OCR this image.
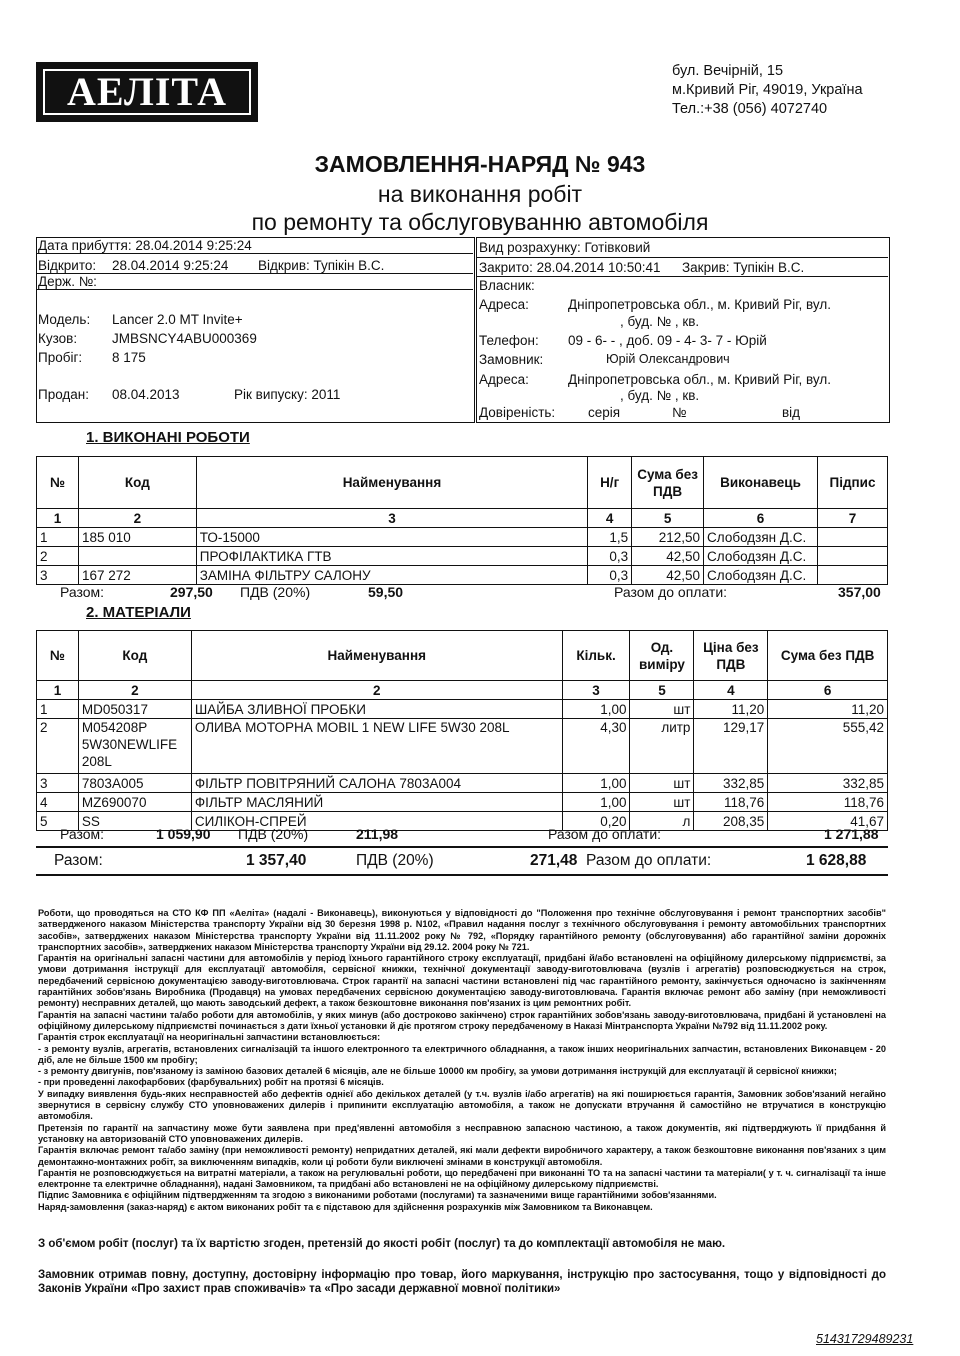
АЕЛІТА	бул. Вечірній, 15
м.Кривий Ріг, 49019, Україна
Тел.:+38 (056) 4072740
ЗАМОВЛЕННЯ-НАРЯД № 943
на виконання робіт
по ремонту та обслуговуванню автомобіля
Дата прибуття: 28.04.2014 9:25:24
Відкрито: 28.04.2014 9:25:24 Відкрив: Тупікін В.С.
Держ. №:
Модель: Lancer 2.0 MT Invite+
Кузов:	JMBSNCY4ABU000369
Пробіг: 8 175
Продан: 08.04.2013	Рік випуску: 2011
Вид розрахунку: Готівковий
Закрито: 28.04.2014 10:50:41 Закрив: Тупікін В.С.
Власник:
Адреса:	Дніпропетровська обл., м. Кривий Ріг, вул.
, буд. № , кв.
Телефон: 09 - 6- - , доб. 09 - 4- 3- 7 - Юрій
Замовник:	Юрій Олександрович
Адреса:	Дніпропетровська обл., м. Кривий Ріг, вул.
, буд. № , кв.
Довіреність: серія	№	від
1. ВИКОНАНІ РОБОТИ
№	Код	Найменування	Н/г	Сума без ПДВ	Виконавець	Підпис
1	2	3	4	5	6	7
1	185 010	ТО-15000	1,5	212,50	Слободзян Д.С.	
2		ПРОФІЛАКТИКА ГТВ	0,3	42,50	Слободзян Д.С.	
3	167 272	ЗАМІНА ФІЛЬТРУ САЛОНУ	0,3	42,50	Слободзян Д.С.	
Разом:	297,50 ПДВ (20%)	59,50	Разом до оплати:	357,00
2. МАТЕРІАЛИ
№	Код	Найменування	Кільк.	Од. виміру	Ціна без ПДВ	Сума без ПДВ
1	2	2	3	5	4	6
1	MD050317	ШАЙБА ЗЛИВНОЇ ПРОБКИ	1,00	шт	11,20	11,20
2	M054208P 5W30NEWLIFE 208L	ОЛИВА МОТОРНА MOBIL 1 NEW LIFE 5W30 208L	4,30	литр	129,17	555,42
3	7803A005	ФІЛЬТР ПОВІТРЯНИЙ САЛОНА 7803A004	1,00	шт	332,85	332,85
4	MZ690070	ФІЛЬТР МАСЛЯНИЙ	1,00	шт	118,76	118,76
5	SS	СИЛІКОН-СПРЕЙ	0,20	л	208,35	41,67
Разом:	1 059,90 ПДВ (20%)	211,98	Разом до оплати:	1 271,88
Разом:	1 357,40	ПДВ (20%)	271,48 Разом до оплати:	1 628,88

Роботи, що проводяться на СТО КФ ПП «Аеліта» (надалі - Виконавець), виконуються у відповідності до "Положення про технічне обслуговування і ремонт транспортних засобів" затвердженого наказом Міністерства транспорту України від 30 березня 1998 р. N102, «Правил надання послуг з технічного обслуговування і ремонту автомобільних транспортних засобів», затверджених наказом Міністерства транспорту України від 11.11.2002 року № 792, «Порядку гарантійного ремонту (обслуговування) або гарантійної заміни дорожніх транспортних засобів», затверджених наказом Міністерства транспорту України від 29.12. 2004 року № 721.

Гарантія на оригінальні запасні частини для автомобілів у період їхнього гарантійного строку експлуатації, придбані й/або встановлені на офіційному дилерському підприємстві, за умови дотримання інструкції для експлуатації автомобіля, сервісної книжки, технічної документації заводу-виготовлювача (вузлів і агрегатів) розповсюджується на строк, передбачений сервісною документацією заводу-виготовлювача. Строк гарантії на запасні частини встановлені під час гарантійного ремонту, закінчується одночасно із закінченням гарантійних зобов'язань Виробника (Продавця) на умовах передбачених сервісною документацією заводу-виготовлювача. Гарантія включає ремонт або заміну (при неможливості ремонту) несправних деталей, що мають заводський дефект, а також безкоштовне виконання пов'язаних із цим ремонтних робіт.

Гарантія на запасні частини та/або роботи для автомобілів, у яких минув (або достроково закінчено) строк гарантійних зобов'язань заводу-виготовлювача, придбані й установлені на офіційному дилерському підприємстві починається з дати їхньої установки й діє протягом строку передбаченому в Наказі Мінтранспорта України №792 від 11.11.2002 року.

Гарантія строк експлуатації на неоригінальні запчастини встановлюється:

- з ремонту вузлів, агрегатів, встановлених сигналізацій та іншого електронного та електричного обладнання, а також інших неоригінальних запчастин, встановлених Виконавцем - 20 діб, але не більше 1500 км пробігу;

- з ремонту двигунів, пов'язаному із заміною базових деталей 6 місяців, але не більше 10000 км пробігу, за умови дотримання інструкцій для експлуатації й сервісної книжки;

- при проведенні лакофарбових (фарбувальних) робіт на протязі 6 місяців.

У випадку виявлення будь-яких несправностей або дефектів однієї або декількох деталей (у т.ч. вузлів і/або агрегатів) на які поширюється гарантія, Замовник зобов'язаний негайно звернутися в сервісну службу СТО уповноважених дилерів і припинити експлуатацію автомобіля, а також не допускати втручання й самостійно не втручатися в конструкцію автомобіля.

Претензія по гарантії на запчастину може бути заявлена при пред'явленні автомобіля з несправною запасною частиною, а також документів, які підтверджують її придбання й установку на авторизованій СТО уповноважених дилерів.

Гарантія включає ремонт та/або заміну (при неможливості ремонту) непридатних деталей, які мали дефекти виробничого характеру, а також безкоштовне виконання пов'язаних з цим демонтажно-монтажних робіт, за виключенням випадків, коли ці роботи були виключені змінами в конструкції автомобіля.

Гарантія не розповсюджується на витратні матеріали, а також на регулювальні роботи, що передбачені при виконанні ТО та на запасні частини та матеріали( у т. ч. сигналізації та інше електронне та електричне обладнання), надані Замовником, та придбані або встановлені не на офіційному дилерському підприємстві.

Підпис Замовника є офіційним підтвердженням та згодою з виконаними роботами (послугами) та зазначеними вище гарантійними зобов'язаннями.

Наряд-замовлення (заказ-наряд) є актом виконаних робіт та є підставою для здійснення розрахунків між Замовником та Виконавцем.

З об'ємом робіт (послуг) та їх вартістю згоден, претензій до якості робіт (послуг) та до комплектації автомобіля не маю.
Замовник отримав повну, доступну, достовірну інформацію про товар, його маркування, інструкцію про застосування, тощо у відповідності до Законів України «Про захист прав споживачів» та «Про засади державної мовної політики»
51431729489231
